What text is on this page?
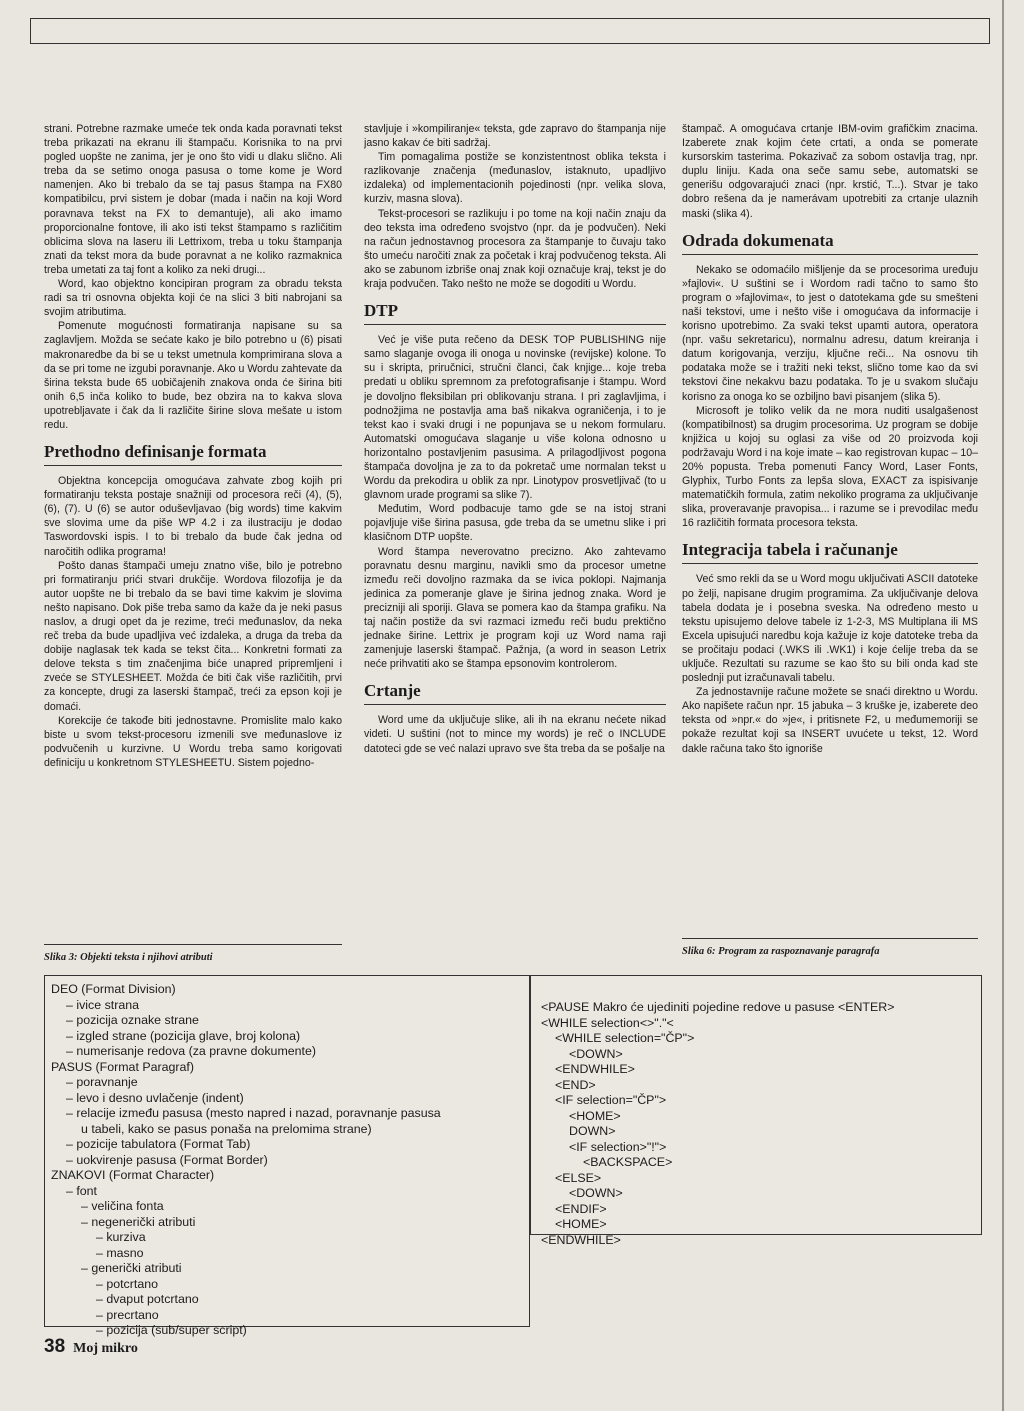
strani. Potrebne razmake umeće tek onda kada poravnati tekst treba prikazati na ekranu ili štampaču. Korisnika to na prvi pogled uopšte ne zanima, jer je ono što vidi u dlaku slično. Ali treba da se setimo onoga pasusa o tome kome je Word namenjen. Ako bi trebalo da se taj pasus štampa na FX80 kompatibilcu, prvi sistem je dobar (mada i način na koji Word poravnava tekst na FX to demantuje), ali ako imamo proporcionalne fontove, ili ako isti tekst štampamo s različitim oblicima slova na laseru ili Lettrixom, treba u toku štampanja znati da tekst mora da bude poravnat a ne koliko razmaknica treba umetati za taj font a koliko za neki drugi...

Word, kao objektno koncipiran program za obradu teksta radi sa tri osnovna objekta koji će na slici 3 biti nabrojani sa svojim atributima.

Pomenute mogućnosti formatiranja napisane su sa zaglavljem. Možda se sećate kako je bilo potrebno u (6) pisati makronaredbe da bi se u tekst umetnula komprimirana slova a da se pri tome ne izgubi poravnanje. Ako u Wordu zahtevate da širina teksta bude 65 uobičajenih znakova onda će širina biti onih 6,5 inča koliko to bude, bez obzira na to kakva slova upotrebljavate i čak da li različite širine slova mešate u istom redu.

Prethodno definisanje formata

Objektna koncepcija omogućava zahvate zbog kojih pri formatiranju teksta postaje snažniji od procesora reči (4), (5), (6), (7). U (6) se autor oduševljavao (big words) time kakvim sve slovima ume da piše WP 4.2 i za ilustraciju je dodao Taswordovski ispis. I to bi trebalo da bude čak jedna od naročitih odlika programa!

Pošto danas štampači umeju znatno više, bilo je potrebno pri formatiranju prići stvari drukčije. Wordova filozofija je da autor uopšte ne bi trebalo da se bavi time kakvim je slovima nešto napisano. Dok piše treba samo da kaže da je neki pasus naslov, a drugi opet da je rezime, treći međunaslov, da neka reč treba da bude upadljiva već izdaleka, a druga da treba da dobije naglasak tek kada se tekst čita... Konkretni formati za delove teksta s tim značenjima biće unapred pripremljeni i zveće se STYLESHEET. Možda će biti čak više različitih, prvi za koncepte, drugi za laserski štampač, treći za epson koji je domaći.

Korekcije će takođe biti jednostavne. Promislite malo kako biste u svom tekst-procesoru izmenili sve međunaslove iz podvučenih u kurzivne. U Wordu treba samo korigovati definiciju u konkretnom STYLESHEETU. Sistem pojedno-

stavljuje i »kompiliranje« teksta, gde zapravo do štampanja nije jasno kakav će biti sadržaj.

Tim pomagalima postiže se konzistentnost oblika teksta i razlikovanje značenja (međunaslov, istaknuto, upadljivo izdaleka) od implementacionih pojedinosti (npr. velika slova, kurziv, masna slova).

Tekst-procesori se razlikuju i po tome na koji način znaju da deo teksta ima određeno svojstvo (npr. da je podvučen). Neki na račun jednostavnog procesora za štampanje to čuvaju tako što umeću naročiti znak za početak i kraj podvučenog teksta. Ali ako se zabunom izbriše onaj znak koji označuje kraj, tekst je do kraja podvučen. Tako nešto ne može se dogoditi u Wordu.

DTP

Već je više puta rečeno da DESK TOP PUBLISHING nije samo slaganje ovoga ili onoga u novinske (revijske) kolone. To su i skripta, priručnici, stručni članci, čak knjige... koje treba predati u obliku spremnom za prefotografisanje i štampu. Word je dovoljno fleksibilan pri oblikovanju strana. I pri zaglavljima, i podnožjima ne postavlja ama baš nikakva ograničenja, i to je tekst kao i svaki drugi i ne popunjava se u nekom formularu. Automatski omogućava slaganje u više kolona odnosno u horizontalno postavljenim pasusima. A prilagodljivost pogona štampača dovoljna je za to da pokretač ume normalan tekst u Wordu da prekodira u oblik za npr. Linotypov prosvetljivač (to u glavnom urade programi sa slike 7).

Međutim, Word podbacuje tamo gde se na istoj strani pojavljuje više širina pasusa, gde treba da se umetnu slike i pri klasičnom DTP uopšte.

Word štampa neverovatno precizno. Ako zahtevamo poravnatu desnu marginu, navikli smo da procesor umetne između reči dovoljno razmaka da se ivica poklopi. Najmanja jedinica za pomeranje glave je širina jednog znaka. Word je precizniji ali sporiji. Glava se pomera kao da štampa grafiku. Na taj način postiže da svi razmaci između reči budu prektično jednake širine. Lettrix je program koji uz Word nama raji zamenjuje laserski štampač. Pažnja, (a word in season Letrix neće prihvatiti ako se štampa epsonovim kontrolerom.

Crtanje

Word ume da uključuje slike, ali ih na ekranu nećete nikad videti. U suštini (not to mince my words) je reč o INCLUDE datoteci gde se već nalazi upravo sve šta treba da se pošalje na

štampač. A omogućava crtanje IBM-ovim grafičkim znacima. Izaberete znak kojim ćete crtati, a onda se pomerate kursorskim tasterima. Pokazivač za sobom ostavlja trag, npr. duplu liniju. Kada ona seče samu sebe, automatski se generišu odgovarajući znaci (npr. krstić, T...). Stvar je tako dobro rešena da je namerávam upotrebiti za crtanje ulaznih maski (slika 4).

Odrada dokumenata

Nekako se odomaćilo mišljenje da se procesorima uređuju »fajlovi«. U suštini se i Wordom radi tačno to samo što program o »fajlovima«, to jest o datotekama gde su smešteni naši tekstovi, ume i nešto više i omogućava da informacije i korisno upotrebimo. Za svaki tekst upamti autora, operatora (npr. vašu sekretaricu), normalnu adresu, datum kreiranja i datum korigovanja, verziju, ključne reči... Na osnovu tih podataka može se i tražiti neki tekst, slično tome kao da svi tekstovi čine nekakvu bazu podataka. To je u svakom slučaju korisno za onoga ko se ozbiljno bavi pisanjem (slika 5).

Microsoft je toliko velik da ne mora nuditi usalgašenost (kompatibilnost) sa drugim procesorima. Uz program se dobije knjižica u kojoj su oglasi za više od 20 proizvoda koji podržavaju Word i na koje imate – kao registrovan kupac – 10–20% popusta. Treba pomenuti Fancy Word, Laser Fonts, Glyphix, Turbo Fonts za lepša slova, EXACT za ispisivanje matematičkih formula, zatim nekoliko programa za uključivanje slika, proveravanje pravopisa... i razume se i prevodilac među 16 različitih formata procesora teksta.

Integracija tabela i računanje

Već smo rekli da se u Word mogu uključivati ASCII datoteke po želji, napisane drugim programima. Za uključivanje delova tabela dodata je i posebna sveska. Na određeno mesto u tekstu upisujemo delove tabele iz 1-2-3, MS Multiplana ili MS Excela upisujući naredbu koja kažuje iz koje datoteke treba da se pročitaju podaci (.WKS ili .WK1) i koje ćelije treba da se uključe. Rezultati su razume se kao što su bili onda kad ste poslednji put izračunavali tabelu.

Za jednostavnije račune možete se snaći direktno u Wordu. Ako napišete račun npr. 15 jabuka – 3 kruške je, izaberete deo teksta od »npr.« do »je«, i pritisnete F2, u međumemoriji se pokaže rezultat koji sa INSERT uvućete u tekst, 12. Word dakle računa tako što ignoriše

Slika 3: Objekti teksta i njihovi atributi
Slika 6: Program za raspoznavanje paragrafa
DEO (Format Division)
– ivice strana
– pozicija oznake strane
– izgled strane (pozicija glave, broj kolona)
– numerisanje redova (za pravne dokumente)
PASUS (Format Paragraf)
– poravnanje
– levo i desno uvlačenje (indent)
– relacije između pasusa (mesto napred i nazad, poravnanje pasusa
u tabeli, kako se pasus ponaša na prelomima strane)
– pozicije tabulatora (Format Tab)
– uokvirenje pasusa (Format Border)
ZNAKOVI (Format Character)
– font
– veličina fonta
– negenerički atributi
– kurziva
– masno
– generički atributi
– potcrtano
– dvaput potcrtano
– precrtano
– pozicija (sub/super script)
<PAUSE Makro će ujediniti pojedine redove u pasuse <ENTER>
<WHILE selection<>"."<
<WHILE selection="ČP">
<DOWN>
<ENDWHILE>
<END>
<IF selection="ČP">
<HOME>
DOWN>
<IF selection>"!">
<BACKSPACE>
<ELSE>
<DOWN>
<ENDIF>
<HOME>
<ENDWHILE>
38 Moj mikro
